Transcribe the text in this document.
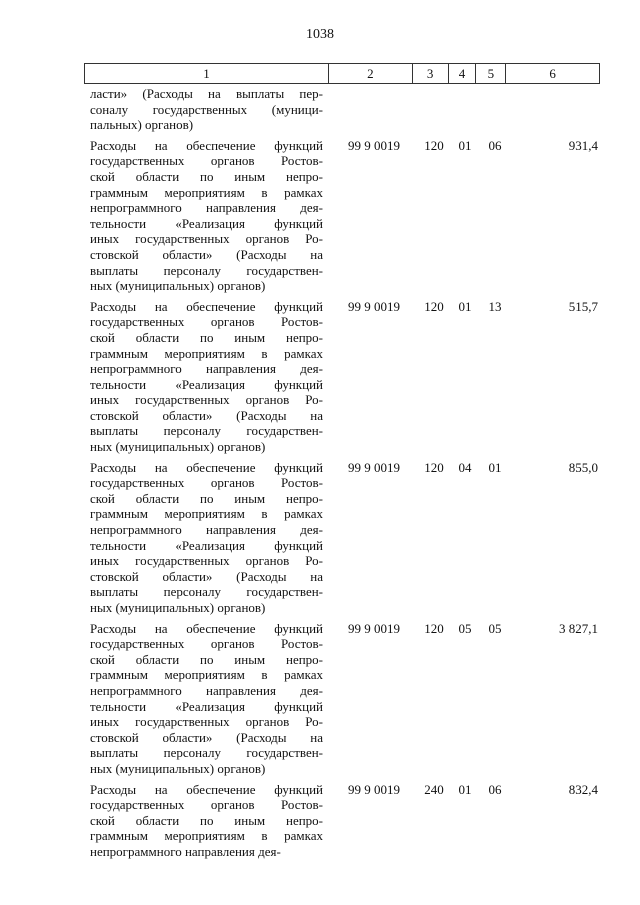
1038
1	2	3	4	5	6
ласти» (Расходы на выплаты пер-
соналу государственных (муници-
пальных) органов)
Расходы на обеспечение функций
государственных органов Ростов-
ской области по иным непро-
граммным мероприятиям в рамках
непрограммного направления дея-
тельности «Реализация функций
иных государственных органов Ро-
стовской области» (Расходы на
выплаты персоналу государствен-
ных (муниципальных) органов)
99 9 0019	120	01	06	931,4
Расходы на обеспечение функций
государственных органов Ростов-
ской области по иным непро-
граммным мероприятиям в рамках
непрограммного направления дея-
тельности «Реализация функций
иных государственных органов Ро-
стовской области» (Расходы на
выплаты персоналу государствен-
ных (муниципальных) органов)
99 9 0019	120	01	13	515,7
Расходы на обеспечение функций
государственных органов Ростов-
ской области по иным непро-
граммным мероприятиям в рамках
непрограммного направления дея-
тельности «Реализация функций
иных государственных органов Ро-
стовской области» (Расходы на
выплаты персоналу государствен-
ных (муниципальных) органов)
99 9 0019	120	04	01	855,0
Расходы на обеспечение функций
государственных органов Ростов-
ской области по иным непро-
граммным мероприятиям в рамках
непрограммного направления дея-
тельности «Реализация функций
иных государственных органов Ро-
стовской области» (Расходы на
выплаты персоналу государствен-
ных (муниципальных) органов)
99 9 0019	120	05	05	3 827,1
Расходы на обеспечение функций
государственных органов Ростов-
ской области по иным непро-
граммным мероприятиям в рамках
непрограммного направления дея-
99 9 0019	240	01	06	832,4
